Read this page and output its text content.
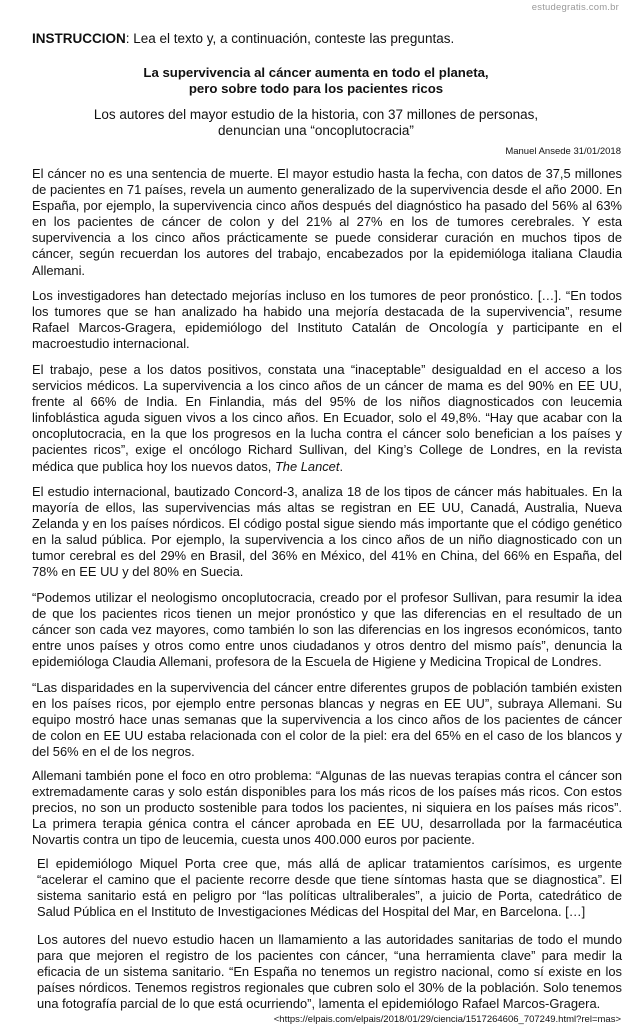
estudegratis.com.br
INSTRUCCION: Lea el texto y, a continuación, conteste las preguntas.
La supervivencia al cáncer aumenta en todo el planeta,
pero sobre todo para los pacientes ricos
Los autores del mayor estudio de la historia, con 37 millones de personas,
denuncian una “oncoplutocracia”
Manuel Ansede 31/01/2018
El cáncer no es una sentencia de muerte. El mayor estudio hasta la fecha, con datos de 37,5 millones de pacientes en 71 países, revela un aumento generalizado de la supervivencia desde el año 2000. En España, por ejemplo, la supervivencia cinco años después del diagnóstico ha pasado del 56% al 63% en los pacientes de cáncer de colon y del 21% al 27% en los de tumores cerebrales. Y esta supervivencia a los cinco años prácticamente se puede considerar curación en muchos tipos de cáncer, según recuerdan los autores del trabajo, encabezados por la epidemióloga italiana Claudia Allemani.
Los investigadores han detectado mejorías incluso en los tumores de peor pronóstico. […]. “En todos los tumores que se han analizado ha habido una mejoría destacada de la supervivencia”, resume Rafael Marcos-Gragera, epidemiólogo del Instituto Catalán de Oncología y participante en el macroestudio internacional.
El trabajo, pese a los datos positivos, constata una “inaceptable” desigualdad en el acceso a los servicios médicos. La supervivencia a los cinco años de un cáncer de mama es del 90% en EE UU, frente al 66% de India. En Finlandia, más del 95% de los niños diagnosticados con leucemia linfoblástica aguda siguen vivos a los cinco años. En Ecuador, solo el 49,8%. “Hay que acabar con la oncoplutocracia, en la que los progresos en la lucha contra el cáncer solo benefician a los países y pacientes ricos”, exige el oncólogo Richard Sullivan, del King’s College de Londres, en la revista médica que publica hoy los nuevos datos, The Lancet.
El estudio internacional, bautizado Concord-3, analiza 18 de los tipos de cáncer más habituales. En la mayoría de ellos, las supervivencias más altas se registran en EE UU, Canadá, Australia, Nueva Zelanda y en los países nórdicos. El código postal sigue siendo más importante que el código genético en la salud pública. Por ejemplo, la supervivencia a los cinco años de un niño diagnosticado con un tumor cerebral es del 29% en Brasil, del 36% en México, del 41% en China, del 66% en España, del 78% en EE UU y del 80% en Suecia.
“Podemos utilizar el neologismo oncoplutocracia, creado por el profesor Sullivan, para resumir la idea de que los pacientes ricos tienen un mejor pronóstico y que las diferencias en el resultado de un cáncer son cada vez mayores, como también lo son las diferencias en los ingresos económicos, tanto entre unos países y otros como entre unos ciudadanos y otros dentro del mismo país”, denuncia la epidemióloga Claudia Allemani, profesora de la Escuela de Higiene y Medicina Tropical de Londres.
“Las disparidades en la supervivencia del cáncer entre diferentes grupos de población también existen en los países ricos, por ejemplo entre personas blancas y negras en EE UU”, subraya Allemani. Su equipo mostró hace unas semanas que la supervivencia a los cinco años de los pacientes de cáncer de colon en EE UU estaba relacionada con el color de la piel: era del 65% en el caso de los blancos y del 56% en el de los negros.
Allemani también pone el foco en otro problema: “Algunas de las nuevas terapias contra el cáncer son extremadamente caras y solo están disponibles para los más ricos de los países más ricos. Con estos precios, no son un producto sostenible para todos los pacientes, ni siquiera en los países más ricos”. La primera terapia génica contra el cáncer aprobada en EE UU, desarrollada por la farmacéutica Novartis contra un tipo de leucemia, cuesta unos 400.000 euros por paciente.
El epidemiólogo Miquel Porta cree que, más allá de aplicar tratamientos carísimos, es urgente “acelerar el camino que el paciente recorre desde que tiene síntomas hasta que se diagnostica”. El sistema sanitario está en peligro por “las políticas ultraliberales”, a juicio de Porta, catedrático de Salud Pública en el Instituto de Investigaciones Médicas del Hospital del Mar, en Barcelona. […]
Los autores del nuevo estudio hacen un llamamiento a las autoridades sanitarias de todo el mundo para que mejoren el registro de los pacientes con cáncer, “una herramienta clave” para medir la eficacia de un sistema sanitario. “En España no tenemos un registro nacional, como sí existe en los países nórdicos. Tenemos registros regionales que cubren solo el 30% de la población. Solo tenemos una fotografía parcial de lo que está ocurriendo”, lamenta el epidemiólogo Rafael Marcos-Gragera.
<https://elpais.com/elpais/2018/01/29/ciencia/1517264606_707249.html?rel=mas>
